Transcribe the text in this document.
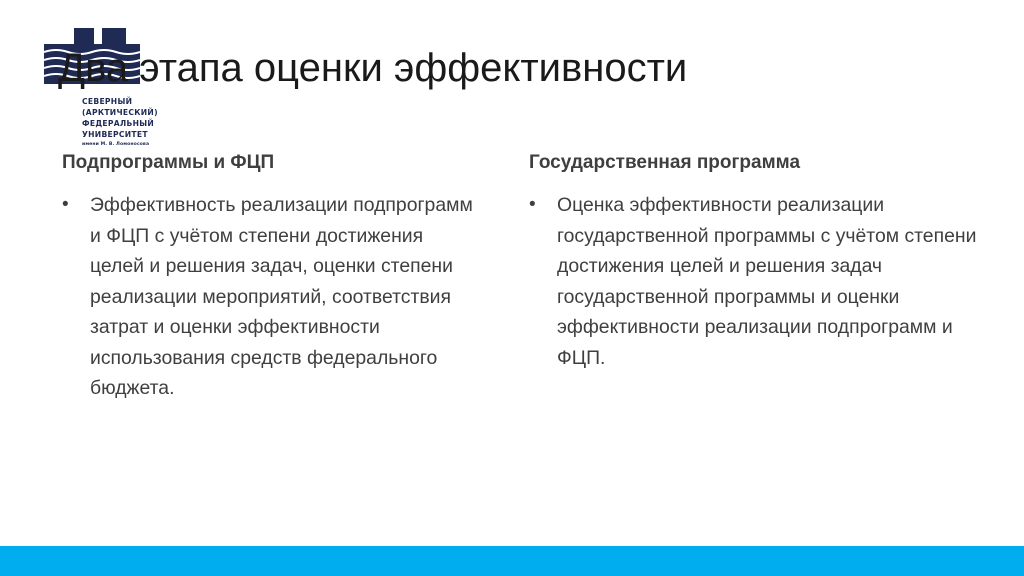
СЕВЕРНЫЙ
(АРКТИЧЕСКИЙ)
ФЕДЕРАЛЬНЫЙ
УНИВЕРСИТЕТ
имени М. В. Ломоносова
Два этапа оценки эффективности
Подпрограммы и ФЦП
• Эффективность реализации подпрограмм и ФЦП с учётом степени достижения целей и решения задач, оценки степени реализации мероприятий, соответствия затрат и оценки эффективности использования средств федерального бюджета.
Государственная программа
• Оценка эффективности реализации государственной программы с учётом степени достижения целей и решения задач государственной программы и оценки эффективности реализации подпрограмм и ФЦП.
